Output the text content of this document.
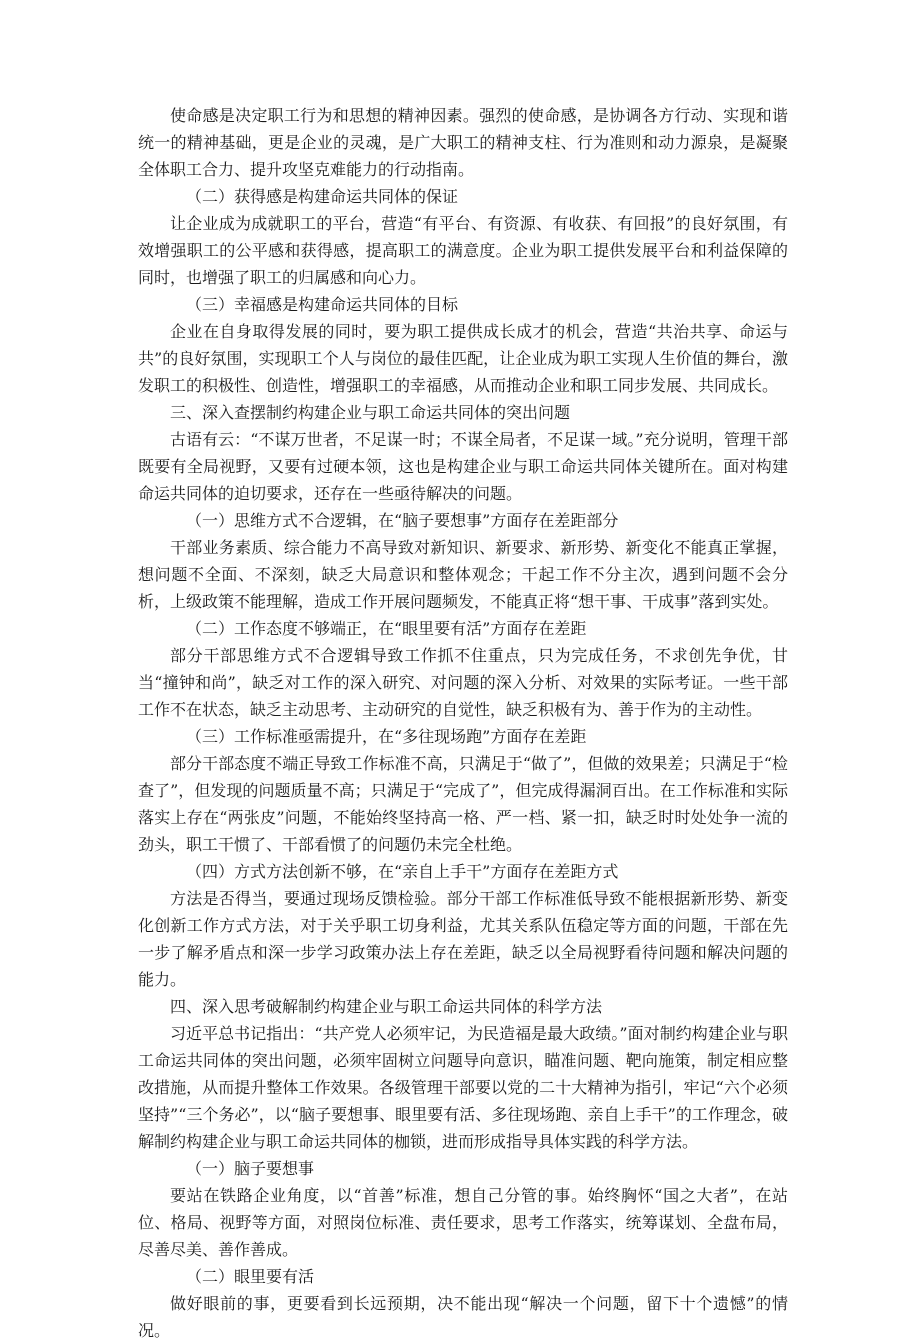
使命感是决定职工行为和思想的精神因素。强烈的使命感，是协调各方行动、实现和谐统一的精神基础，更是企业的灵魂，是广大职工的精神支柱、行为准则和动力源泉，是凝聚全体职工合力、提升攻坚克难能力的行动指南。

（二）获得感是构建命运共同体的保证

让企业成为成就职工的平台，营造“有平台、有资源、有收获、有回报”的良好氛围，有效增强职工的公平感和获得感，提高职工的满意度。企业为职工提供发展平台和利益保障的同时，也增强了职工的归属感和向心力。

（三）幸福感是构建命运共同体的目标

企业在自身取得发展的同时，要为职工提供成长成才的机会，营造“共治共享、命运与共”的良好氛围，实现职工个人与岗位的最佳匹配，让企业成为职工实现人生价值的舞台，激发职工的积极性、创造性，增强职工的幸福感，从而推动企业和职工同步发展、共同成长。

三、深入查摆制约构建企业与职工命运共同体的突出问题

古语有云：“不谋万世者，不足谋一时；不谋全局者，不足谋一域。”充分说明，管理干部既要有全局视野，又要有过硬本领，这也是构建企业与职工命运共同体关键所在。面对构建命运共同体的迫切要求，还存在一些亟待解决的问题。

（一）思维方式不合逻辑，在“脑子要想事”方面存在差距部分

干部业务素质、综合能力不高导致对新知识、新要求、新形势、新变化不能真正掌握，想问题不全面、不深刻，缺乏大局意识和整体观念；干起工作不分主次，遇到问题不会分析，上级政策不能理解，造成工作开展问题频发，不能真正将“想干事、干成事”落到实处。

（二）工作态度不够端正，在“眼里要有活”方面存在差距

部分干部思维方式不合逻辑导致工作抓不住重点，只为完成任务，不求创先争优，甘当“撞钟和尚”，缺乏对工作的深入研究、对问题的深入分析、对效果的实际考证。一些干部工作不在状态，缺乏主动思考、主动研究的自觉性，缺乏积极有为、善于作为的主动性。

（三）工作标准亟需提升，在“多往现场跑”方面存在差距

部分干部态度不端正导致工作标准不高，只满足于“做了”，但做的效果差；只满足于“检查了”，但发现的问题质量不高；只满足于“完成了”，但完成得漏洞百出。在工作标准和实际落实上存在“两张皮”问题，不能始终坚持高一格、严一档、紧一扣，缺乏时时处处争一流的劲头，职工干惯了、干部看惯了的问题仍未完全杜绝。

（四）方式方法创新不够，在“亲自上手干”方面存在差距方式

方法是否得当，要通过现场反馈检验。部分干部工作标准低导致不能根据新形势、新变化创新工作方式方法，对于关乎职工切身利益，尤其关系队伍稳定等方面的问题，干部在先一步了解矛盾点和深一步学习政策办法上存在差距，缺乏以全局视野看待问题和解决问题的能力。

四、深入思考破解制约构建企业与职工命运共同体的科学方法

习近平总书记指出：“共产党人必须牢记，为民造福是最大政绩。”面对制约构建企业与职工命运共同体的突出问题，必须牢固树立问题导向意识，瞄准问题、靶向施策，制定相应整改措施，从而提升整体工作效果。各级管理干部要以党的二十大精神为指引，牢记“六个必须坚持”“三个务必”，以“脑子要想事、眼里要有活、多往现场跑、亲自上手干”的工作理念，破解制约构建企业与职工命运共同体的枷锁，进而形成指导具体实践的科学方法。

（一）脑子要想事

要站在铁路企业角度，以“首善”标准，想自己分管的事。始终胸怀“国之大者”，在站位、格局、视野等方面，对照岗位标准、责任要求，思考工作落实，统筹谋划、全盘布局，尽善尽美、善作善成。

（二）眼里要有活

做好眼前的事，更要看到长远预期，决不能出现“解决一个问题，留下十个遗憾”的情况。
